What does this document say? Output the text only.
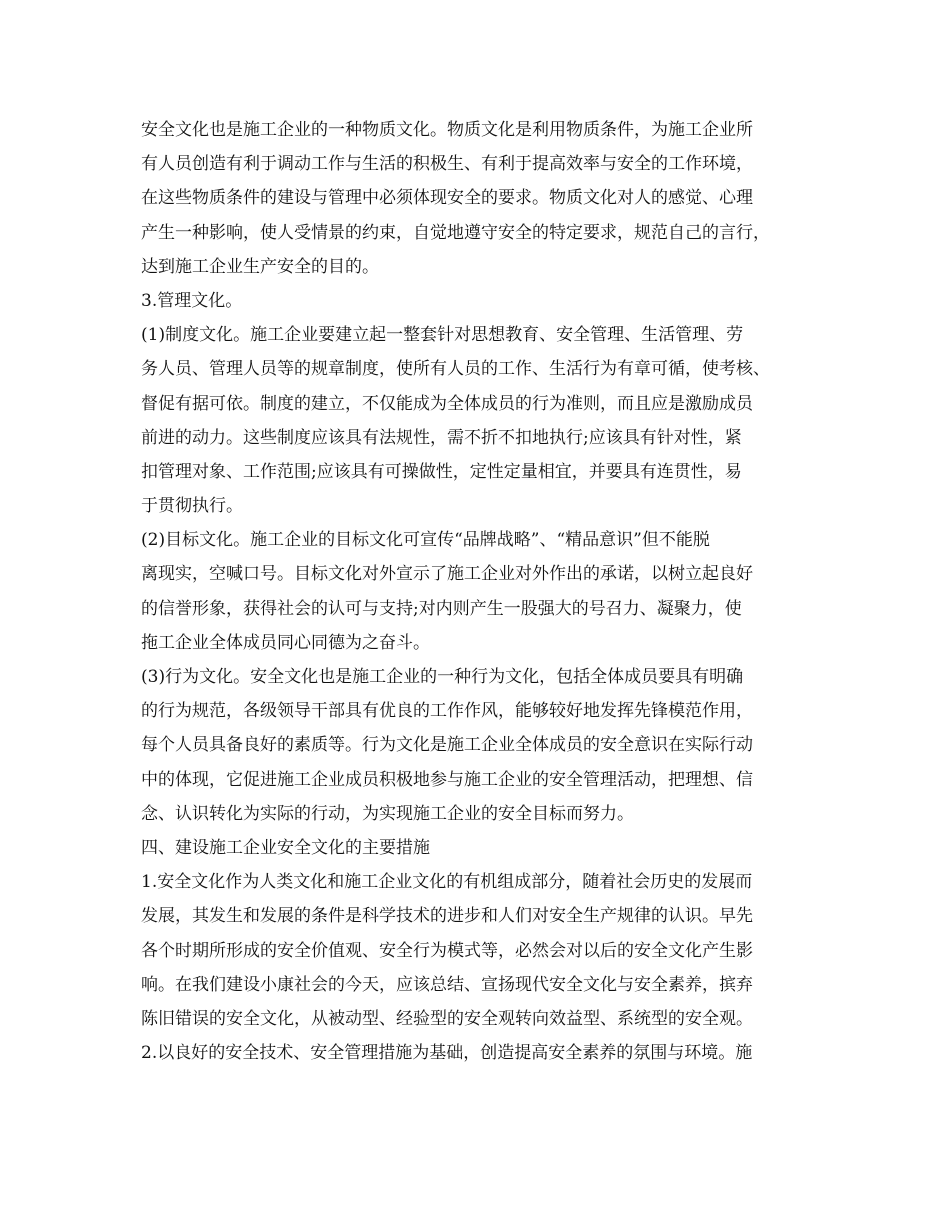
安全文化也是施工企业的一种物质文化。物质文化是利用物质条件，为施工企业所
有人员创造有利于调动工作与生活的积极生、有利于提高效率与安全的工作环境，
在这些物质条件的建设与管理中必须体现安全的要求。物质文化对人的感觉、心理
产生一种影响，使人受情景的约束，自觉地遵守安全的特定要求，规范自己的言行，
达到施工企业生产安全的目的。
3.管理文化。
(1)制度文化。施工企业要建立起一整套针对思想教育、安全管理、生活管理、劳
务人员、管理人员等的规章制度，使所有人员的工作、生活行为有章可循，使考核、
督促有据可依。制度的建立，不仅能成为全体成员的行为准则，而且应是激励成员
前进的动力。这些制度应该具有法规性，需不折不扣地执行;应该具有针对性，紧
扣管理对象、工作范围;应该具有可操做性，定性定量相宜，并要具有连贯性，易
于贯彻执行。
(2)目标文化。施工企业的目标文化可宣传“品牌战略”、“精品意识”但不能脱
离现实，空喊口号。目标文化对外宣示了施工企业对外作出的承诺，以树立起良好
的信誉形象，获得社会的认可与支持;对内则产生一股强大的号召力、凝聚力，使
拖工企业全体成员同心同德为之奋斗。
(3)行为文化。安全文化也是施工企业的一种行为文化，包括全体成员要具有明确
的行为规范，各级领导干部具有优良的工作作风，能够较好地发挥先锋模范作用，
每个人员具备良好的素质等。行为文化是施工企业全体成员的安全意识在实际行动
中的体现，它促进施工企业成员积极地参与施工企业的安全管理活动，把理想、信
念、认识转化为实际的行动，为实现施工企业的安全目标而努力。
四、建设施工企业安全文化的主要措施
1.安全文化作为人类文化和施工企业文化的有机组成部分，随着社会历史的发展而
发展，其发生和发展的条件是科学技术的进步和人们对安全生产规律的认识。早先
各个时期所形成的安全价值观、安全行为模式等，必然会对以后的安全文化产生影
响。在我们建设小康社会的今天，应该总结、宣扬现代安全文化与安全素养，摈弃
陈旧错误的安全文化，从被动型、经验型的安全观转向效益型、系统型的安全观。
2.以良好的安全技术、安全管理措施为基础，创造提高安全素养的氛围与环境。施
